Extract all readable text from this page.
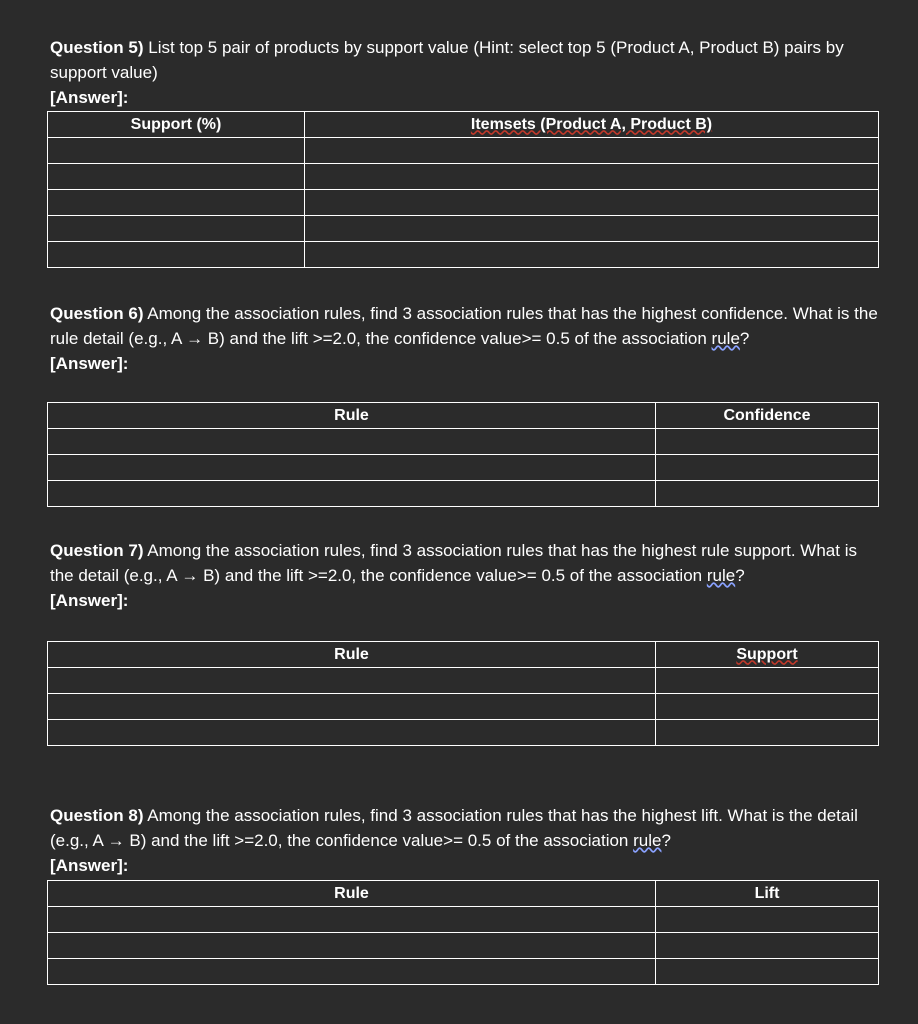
Question 5) List top 5 pair of products by support value (Hint: select top 5 (Product A, Product B) pairs by support value)
[Answer]:
Support (%)	Itemsets (Product A, Product B)

Question 6) Among the association rules, find 3 association rules that has the highest confidence. What is the rule detail (e.g., A → B) and the lift >=2.0, the confidence value>= 0.5 of the association rule?
[Answer]:
Rule	Confidence

Question 7) Among the association rules, find 3 association rules that has the highest rule support. What is the detail (e.g., A → B) and the lift >=2.0, the confidence value>= 0.5 of the association rule?
[Answer]:
Rule	Support

Question 8) Among the association rules, find 3 association rules that has the highest lift. What is the detail (e.g., A → B) and the lift >=2.0, the confidence value>= 0.5 of the association rule?
[Answer]:
Rule	Lift
